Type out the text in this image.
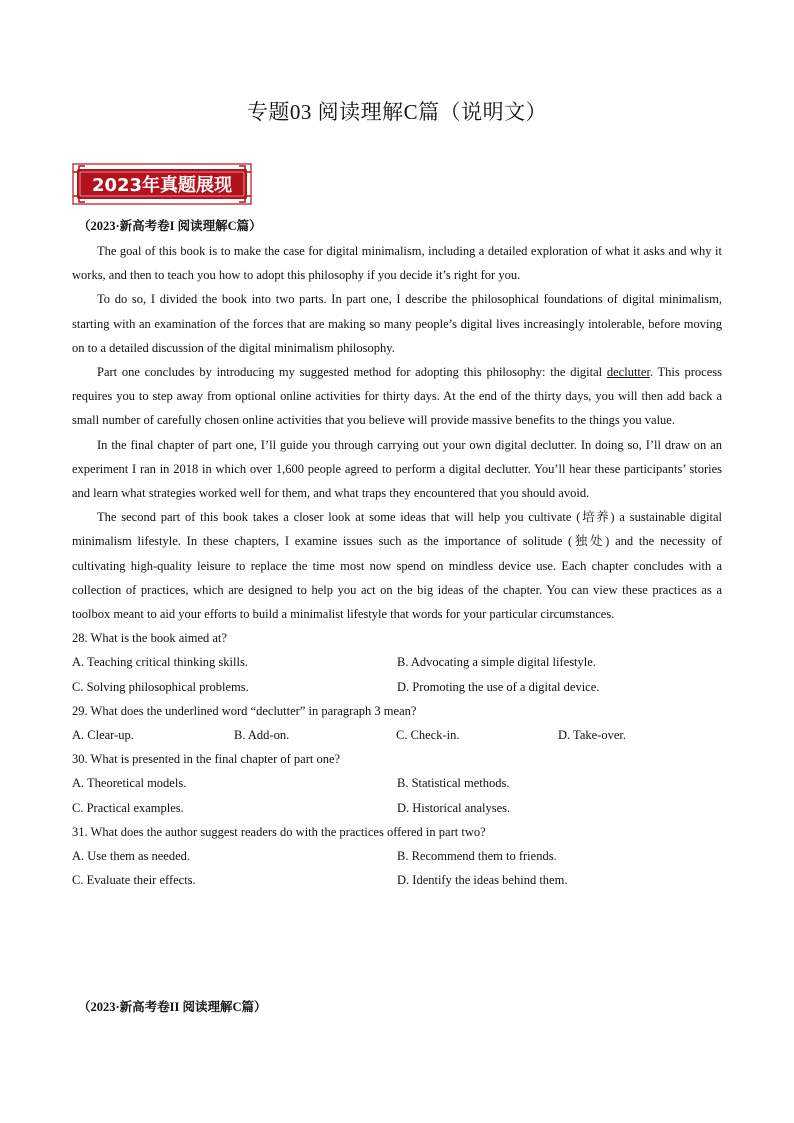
专题03 阅读理解C篇（说明文）
2023年真题展现
（2023·新高考卷I 阅读理解C篇）

The goal of this book is to make the case for digital minimalism, including a detailed exploration of what it asks and why it works, and then to teach you how to adopt this philosophy if you decide it’s right for you.

To do so, I divided the book into two parts. In part one, I describe the philosophical foundations of digital minimalism, starting with an examination of the forces that are making so many people’s digital lives increasingly intolerable, before moving on to a detailed discussion of the digital minimalism philosophy.

Part one concludes by introducing my suggested method for adopting this philosophy: the digital declutter. This process requires you to step away from optional online activities for thirty days. At the end of the thirty days, you will then add back a small number of carefully chosen online activities that you believe will provide massive benefits to the things you value.

In the final chapter of part one, I’ll guide you through carrying out your own digital declutter. In doing so, I’ll draw on an experiment I ran in 2018 in which over 1,600 people agreed to perform a digital declutter. You’ll hear these participants’ stories and learn what strategies worked well for them, and what traps they encountered that you should avoid.

The second part of this book takes a closer look at some ideas that will help you cultivate (培养) a sustainable digital minimalism lifestyle. In these chapters, I examine issues such as the importance of solitude (独处) and the necessity of cultivating high-quality leisure to replace the time most now spend on mindless device use. Each chapter concludes with a collection of practices, which are designed to help you act on the big ideas of the chapter. You can view these practices as a toolbox meant to aid your efforts to build a minimalist lifestyle that words for your particular circumstances.

28. What is the book aimed at?

A. Teaching critical thinking skills.	B. Advocating a simple digital lifestyle.
C. Solving philosophical problems.	D. Promoting the use of a digital device.

29. What does the underlined word “declutter” in paragraph 3 mean?

A. Clear-up.	B. Add-on.	C. Check-in.	D. Take-over.

30. What is presented in the final chapter of part one?

A. Theoretical models.	B. Statistical methods.
C. Practical examples.	D. Historical analyses.

31. What does the author suggest readers do with the practices offered in part two?

A. Use them as needed.	B. Recommend them to friends.
C. Evaluate their effects.	D. Identify the ideas behind them.
（2023·新高考卷II 阅读理解C篇）
